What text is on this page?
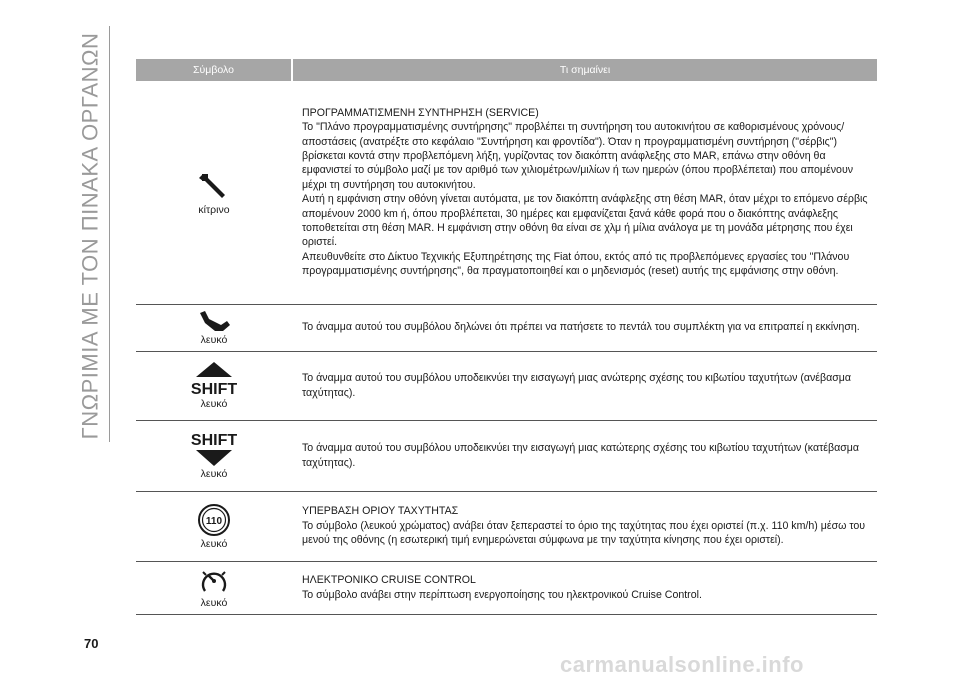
ΓΝΩΡΙΜΙΑ ΜΕ ΤΟΝ ΠΙΝΑΚΑ ΟΡΓΑΝΩΝ	Σύμβολο	Τι σημαίνει

κίτρινο	ΠΡΟΓΡΑΜΜΑΤΙΣΜΕΝΗ ΣΥΝΤΗΡΗΣΗ (SERVICE)
Το "Πλάνο προγραμματισμένης συντήρησης" προβλέπει τη συντήρηση του αυτοκινήτου σε καθορισμένους χρόνους/αποστάσεις (ανατρέξτε στο κεφάλαιο "Συντήρηση και φροντίδα"). Όταν η προγραμματισμένη συντήρηση ("σέρβις") βρίσκεται κοντά στην προβλεπόμενη λήξη, γυρίζοντας τον διακόπτη ανάφλεξης στο MAR, επάνω στην οθόνη θα εμφανιστεί το σύμβολο μαζί με τον αριθμό των χιλιομέτρων/μιλίων ή των ημερών (όπου προβλέπεται) που απομένουν μέχρι τη συντήρηση του αυτοκινήτου.
Αυτή η εμφάνιση στην οθόνη γίνεται αυτόματα, με τον διακόπτη ανάφλεξης στη θέση MAR, όταν μέχρι το επόμενο σέρβις απομένουν 2000 km ή, όπου προβλέπεται, 30 ημέρες και εμφανίζεται ξανά κάθε φορά που ο διακόπτης ανάφλεξης τοποθετείται στη θέση MAR. Η εμφάνιση στην οθόνη θα είναι σε χλμ ή μίλια ανάλογα με τη μονάδα μέτρησης που έχει οριστεί.
Απευθυνθείτε στο Δίκτυο Τεχνικής Εξυπηρέτησης της Fiat όπου, εκτός από τις προβλεπόμενες εργασίες του "Πλάνου προγραμματισμένης συντήρησης", θα πραγματοποιηθεί και ο μηδενισμός (reset) αυτής της εμφάνισης στην οθόνη.

λευκό	Το άναμμα αυτού του συμβόλου δηλώνει ότι πρέπει να πατήσετε το πεντάλ του συμπλέκτη για να επιτραπεί η εκκίνηση.

SHIFT
λευκό	Το άναμμα αυτού του συμβόλου υποδεικνύει την εισαγωγή μιας ανώτερης σχέσης του κιβωτίου ταχυτήτων (ανέβασμα ταχύτητας).

SHIFT
λευκό	Το άναμμα αυτού του συμβόλου υποδεικνύει την εισαγωγή μιας κατώτερης σχέσης του κιβωτίου ταχυτήτων (κατέβασμα ταχύτητας).

110
λευκό	ΥΠΕΡΒΑΣΗ ΟΡΙΟΥ ΤΑΧΥΤΗΤΑΣ
Το σύμβολο (λευκού χρώματος) ανάβει όταν ξεπεραστεί το όριο της ταχύτητας που έχει οριστεί (π.χ. 110 km/h) μέσω του μενού της οθόνης (η εσωτερική τιμή ενημερώνεται σύμφωνα με την ταχύτητα κίνησης που έχει οριστεί).

λευκό	ΗΛΕΚΤΡΟΝΙΚΟ CRUISE CONTROL
Το σύμβολο ανάβει στην περίπτωση ενεργοποίησης του ηλεκτρονικού Cruise Control.
70
carmanualsonline.info
